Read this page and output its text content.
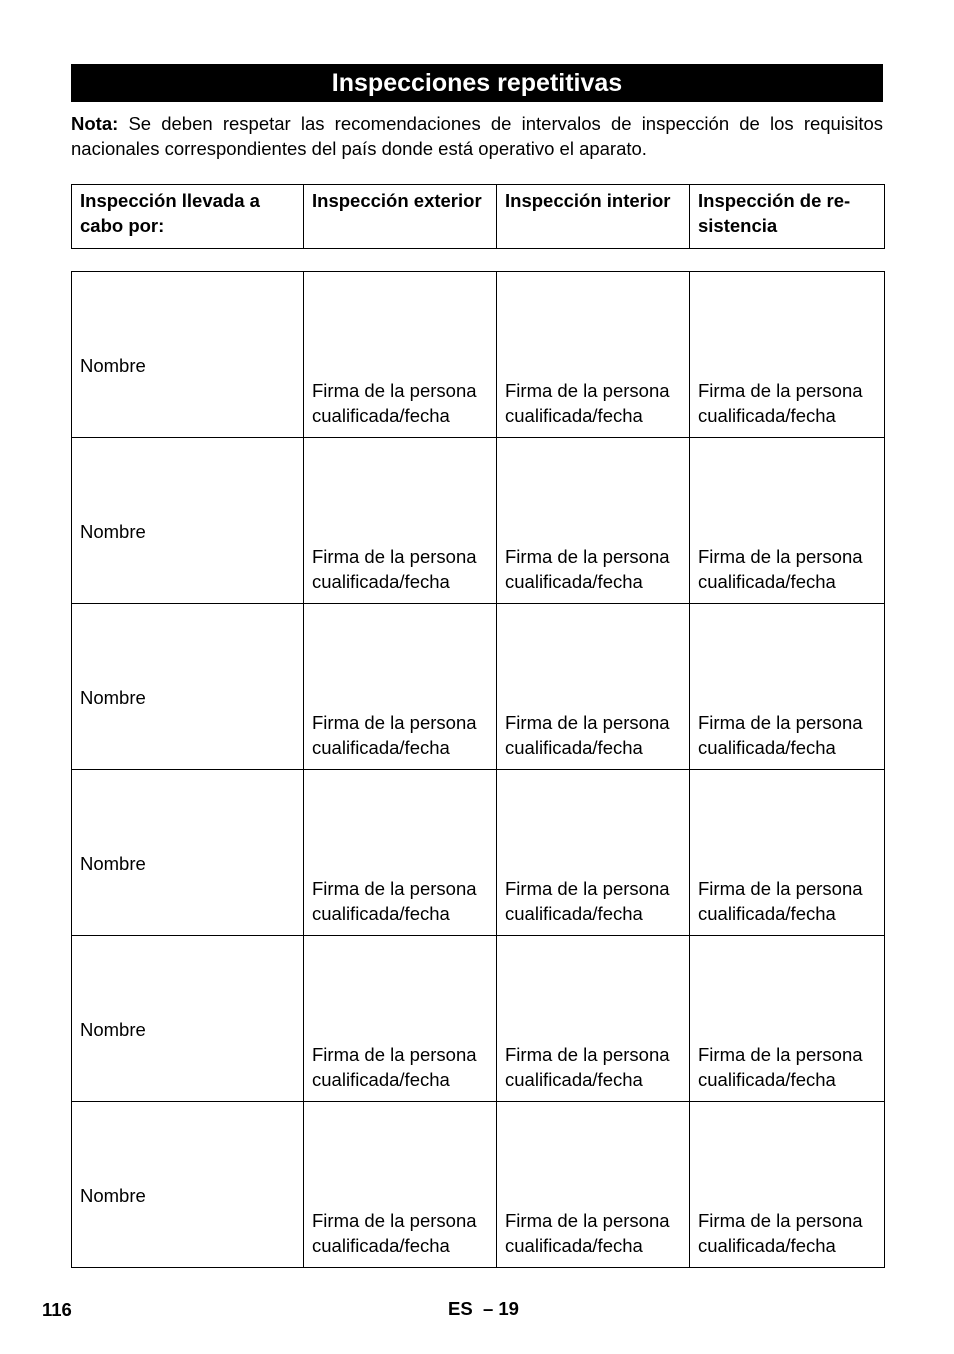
Inspecciones repetitivas

Nota: Se deben respetar las recomendaciones de intervalos de inspección de los requisitos nacionales correspondientes del país donde está operativo el aparato.

Inspección llevada a cabo por:	Inspección exterior	Inspección interior	Inspección de resistencia
Nombre	Firma de la persona cualificada/fecha	Firma de la persona cualificada/fecha	Firma de la persona cualificada/fecha
Nombre	Firma de la persona cualificada/fecha	Firma de la persona cualificada/fecha	Firma de la persona cualificada/fecha
Nombre	Firma de la persona cualificada/fecha	Firma de la persona cualificada/fecha	Firma de la persona cualificada/fecha
Nombre	Firma de la persona cualificada/fecha	Firma de la persona cualificada/fecha	Firma de la persona cualificada/fecha
Nombre	Firma de la persona cualificada/fecha	Firma de la persona cualificada/fecha	Firma de la persona cualificada/fecha
Nombre	Firma de la persona cualificada/fecha	Firma de la persona cualificada/fecha	Firma de la persona cualificada/fecha
116	ES  – 19
